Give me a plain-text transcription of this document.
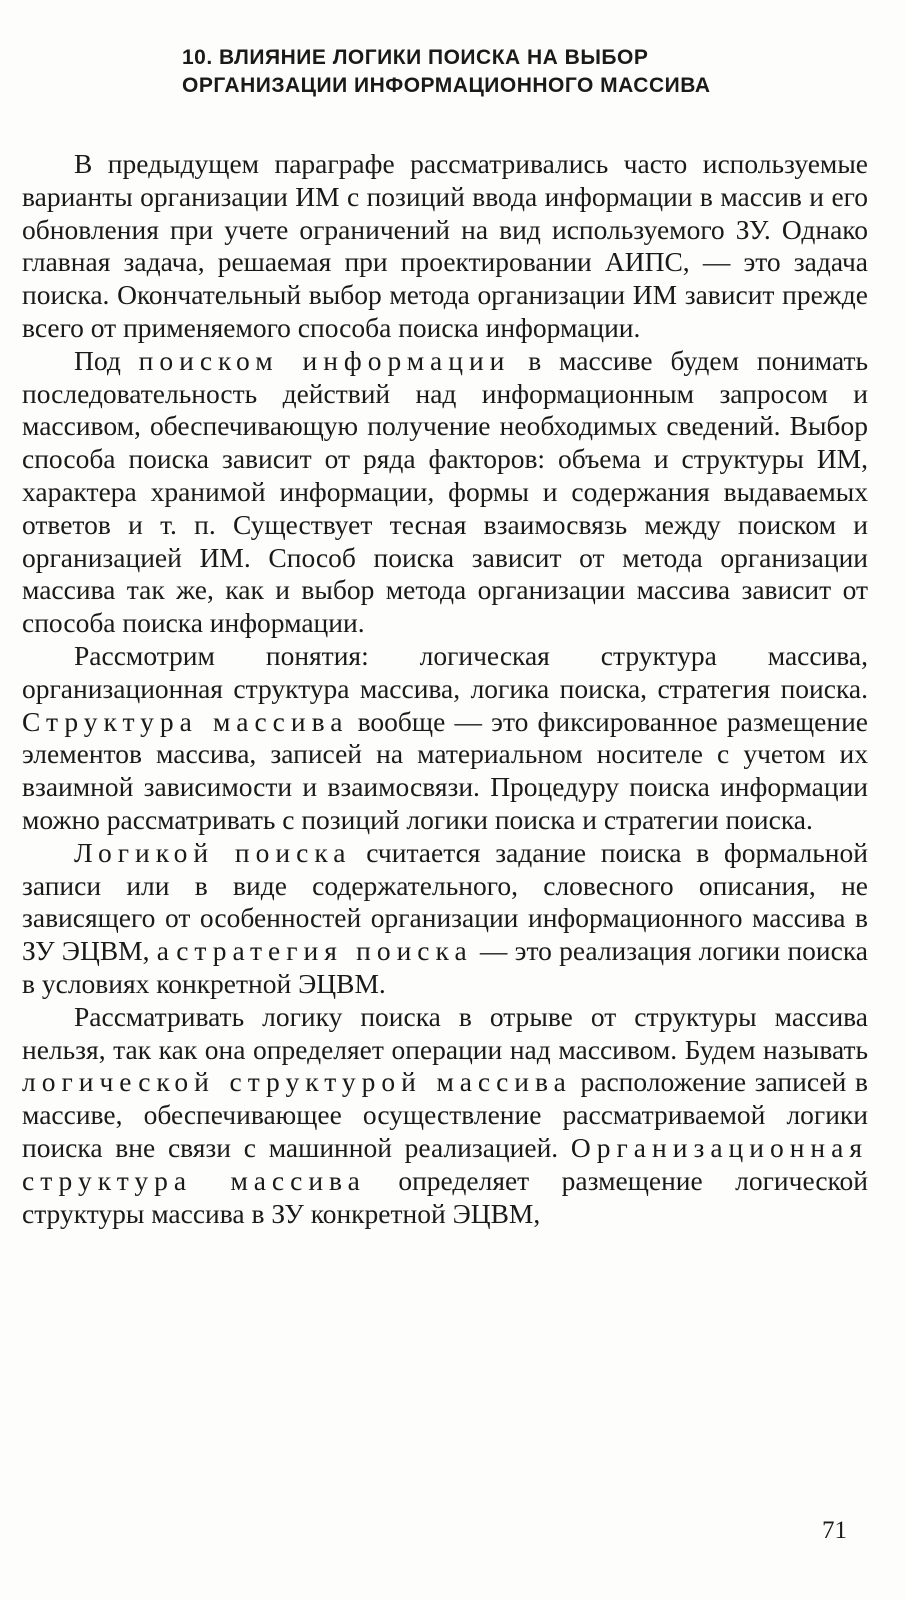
10. ВЛИЯНИЕ ЛОГИКИ ПОИСКА НА ВЫБОР
ОРГАНИЗАЦИИ ИНФОРМАЦИОННОГО МАССИВА

В предыдущем параграфе рассматривались часто используемые варианты организации ИМ с позиций ввода информации в массив и его обновления при учете ограничений на вид используемого ЗУ. Однако главная задача, решаемая при проектировании АИПС, — это задача поиска. Окончательный выбор метода организации ИМ зависит прежде всего от применяемого способа поиска информации.

Под поиском информации в массиве будем понимать последовательность действий над информационным запросом и массивом, обеспечивающую получение необходимых сведений. Выбор способа поиска зависит от ряда факторов: объема и структуры ИМ, характера хранимой информации, формы и содержания выдаваемых ответов и т. п. Существует тесная взаимосвязь между поиском и организацией ИМ. Способ поиска зависит от метода организации массива так же, как и выбор метода организации массива зависит от способа поиска информации.

Рассмотрим понятия: логическая структура массива, организационная структура массива, логика поиска, стратегия поиска. Структура массива вообще — это фиксированное размещение элементов массива, записей на материальном носителе с учетом их взаимной зависимости и взаимосвязи. Процедуру поиска информации можно рассматривать с позиций логики поиска и стратегии поиска.

Логикой поиска считается задание поиска в формальной записи или в виде содержательного, словесного описания, не зависящего от особенностей организации информационного массива в ЗУ ЭЦВМ, а стратегия поиска — это реализация логики поиска в условиях конкретной ЭЦВМ.

Рассматривать логику поиска в отрыве от структуры массива нельзя, так как она определяет операции над массивом. Будем называть логической структурой массива расположение записей в массиве, обеспечивающее осуществление рассматриваемой логики поиска вне связи с машинной реализацией. Организационная структура массива определяет размещение логической структуры массива в ЗУ конкретной ЭЦВМ,

71
